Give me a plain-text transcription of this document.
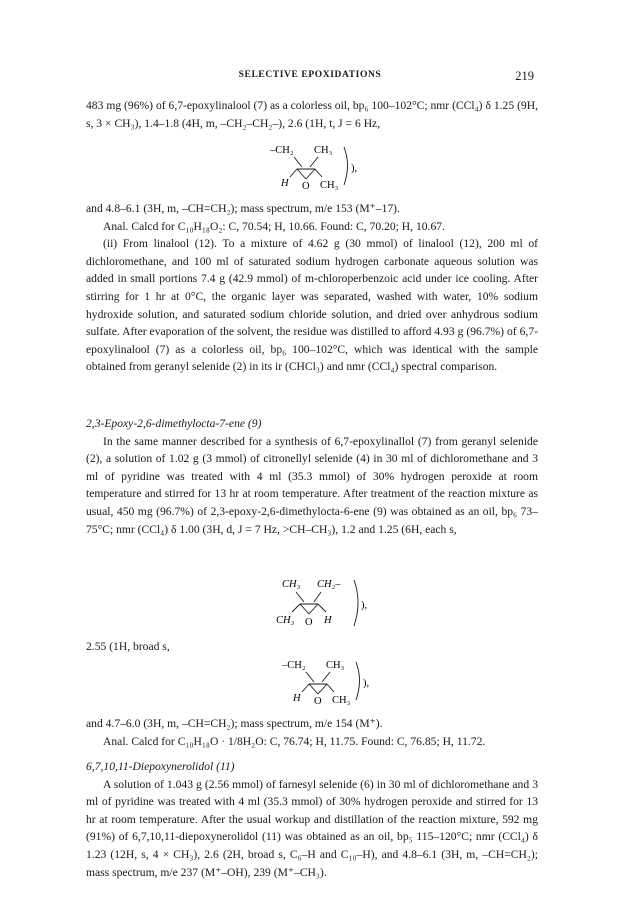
SELECTIVE EPOXIDATIONS	219

483 mg (96%) of 6,7-epoxylinalool (7) as a colorless oil, bp₆ 100–102°C; nmr (CCl₄) δ 1.25 (9H, s, 3 × CH₃), 1.4–1.8 (4H, m, –CH₂–CH₂–), 2.6 (1H, t, J = 6 Hz,

–CH₂ CH₃
H O CH₃
),

and 4.8–6.1 (3H, m, –CH=CH₂); mass spectrum, m/e 153 (M⁺–17).

Anal. Calcd for C₁₀H₁₈O₂: C, 70.54; H, 10.66. Found: C, 70.20; H, 10.67.

(ii) From linalool (12). To a mixture of 4.62 g (30 mmol) of linalool (12), 200 ml of dichloromethane, and 100 ml of saturated sodium hydrogen carbonate aqueous solution was added in small portions 7.4 g (42.9 mmol) of m-chloroperbenzoic acid under ice cooling. After stirring for 1 hr at 0°C, the organic layer was separated, washed with water, 10% sodium hydroxide solution, and saturated sodium chloride solution, and dried over anhydrous sodium sulfate. After evaporation of the solvent, the residue was distilled to afford 4.93 g (96.7%) of 6,7-epoxylinalool (7) as a colorless oil, bp₆ 100–102°C, which was identical with the sample obtained from geranyl selenide (2) in its ir (CHCl₃) and nmr (CCl₄) spectral comparison.

2,3-Epoxy-2,6-dimethylocta-7-ene (9)

In the same manner described for a synthesis of 6,7-epoxylinallol (7) from geranyl selenide (2), a solution of 1.02 g (3 mmol) of citronellyl selenide (4) in 30 ml of dichloromethane and 3 ml of pyridine was treated with 4 ml (35.3 mmol) of 30% hydrogen peroxide at room temperature and stirred for 13 hr at room temperature. After treatment of the reaction mixture as usual, 450 mg (96.7%) of 2,3-epoxy-2,6-dimethylocta-6-ene (9) was obtained as an oil, bp₆ 73–75°C; nmr (CCl₄) δ 1.00 (3H, d, J = 7 Hz, >CH–CH₃), 1.2 and 1.25 (6H, each s,

CH₃ CH₂–
CH₃ O H
),

2.55 (1H, broad s,

–CH₂ CH₃
H O CH₃
),

and 4.7–6.0 (3H, m, –CH=CH₂); mass spectrum, m/e 154 (M⁺).

Anal. Calcd for C₁₀H₁₈O · 1/8H₂O: C, 76.74; H, 11.75. Found: C, 76.85; H, 11.72.

6,7,10,11-Diepoxynerolidol (11)

A solution of 1.043 g (2.56 mmol) of farnesyl selenide (6) in 30 ml of dichloromethane and 3 ml of pyridine was treated with 4 ml (35.3 mmol) of 30% hydrogen peroxide and stirred for 13 hr at room temperature. After the usual workup and distillation of the reaction mixture, 592 mg (91%) of 6,7,10,11-diepoxynerolidol (11) was obtained as an oil, bp₅ 115–120°C; nmr (CCl₄) δ 1.23 (12H, s, 4 × CH₃), 2.6 (2H, broad s, C₆–H and C₁₀–H), and 4.8–6.1 (3H, m, –CH=CH₂); mass spectrum, m/e 237 (M⁺–OH), 239 (M⁺–CH₃).
